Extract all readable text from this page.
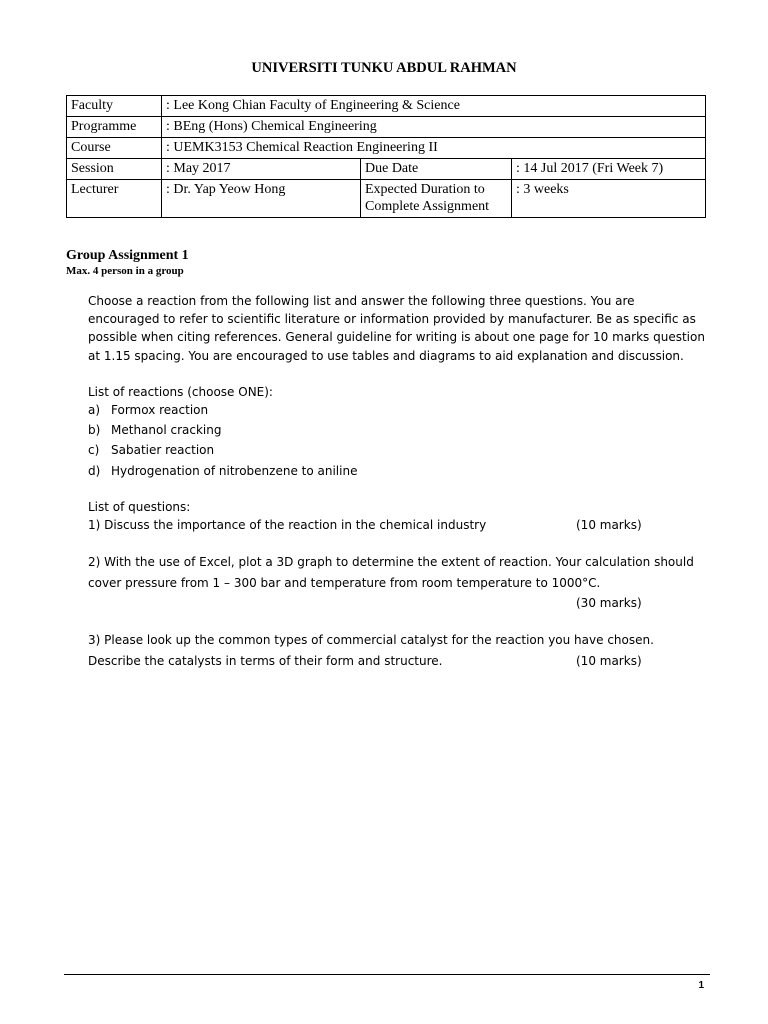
UNIVERSITI TUNKU ABDUL RAHMAN
Faculty	: Lee Kong Chian Faculty of Engineering & Science		
Programme	: BEng (Hons) Chemical Engineering		
Course	: UEMK3153 Chemical Reaction Engineering II		
Session	: May 2017	Due Date	: 14 Jul 2017 (Fri Week 7)
Lecturer	: Dr. Yap Yeow Hong	Expected Duration to Complete Assignment	: 3 weeks
Group Assignment 1
Max. 4 person in a group

Choose a reaction from the following list and answer the following three questions. You are encouraged to refer to scientific literature or information provided by manufacturer. Be as specific as possible when citing references. General guideline for writing is about one page for 10 marks question at 1.15 spacing. You are encouraged to use tables and diagrams to aid explanation and discussion.

List of reactions (choose ONE):
a) Formox reaction
b) Methanol cracking
c) Sabatier reaction
d) Hydrogenation of nitrobenzene to aniline
List of questions:
1) Discuss the importance of the reaction in the chemical industry	(10 marks)
2) With the use of Excel, plot a 3D graph to determine the extent of reaction. Your calculation should cover pressure from 1 – 300 bar and temperature from room temperature to 1000°C.
(30 marks)
3) Please look up the common types of commercial catalyst for the reaction you have chosen.
Describe the catalysts in terms of their form and structure.	(10 marks)
1
